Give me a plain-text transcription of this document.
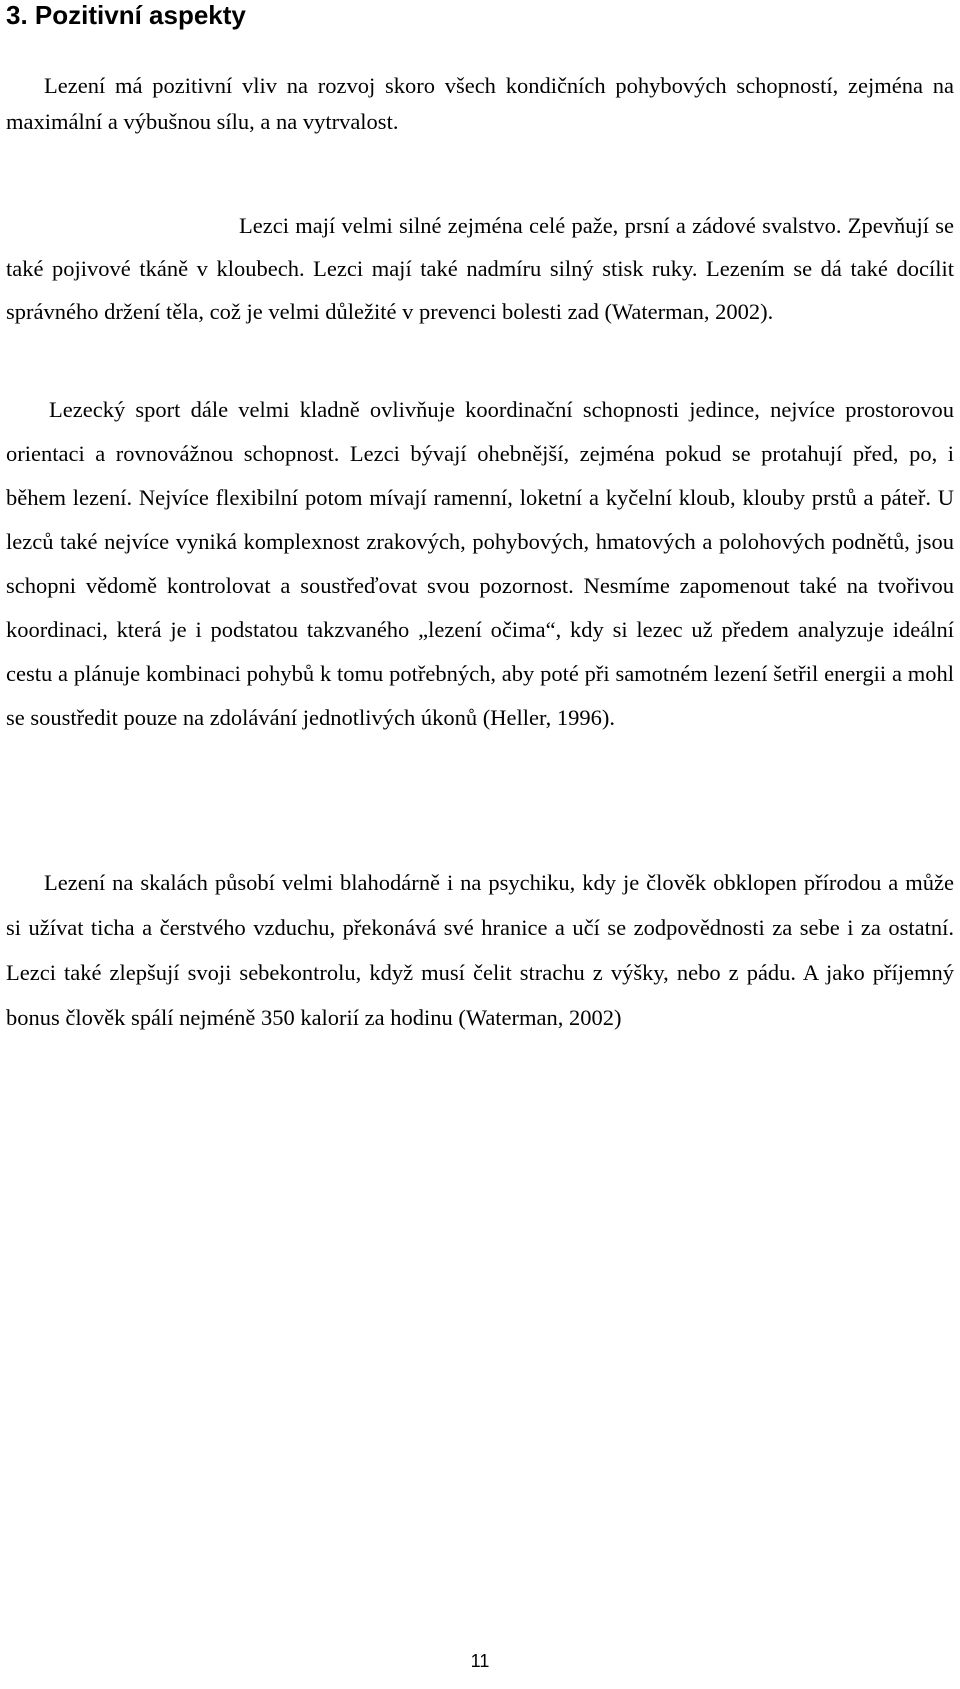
3. Pozitivní aspekty

Lezení má pozitivní vliv na rozvoj skoro všech kondičních pohybových schopností, zejména na maximální a výbušnou sílu, a na vytrvalost.

Lezci mají velmi silné zejména celé paže, prsní a zádové svalstvo. Zpevňují se také pojivové tkáně v kloubech. Lezci mají také nadmíru silný stisk ruky. Lezením se dá také docílit správného držení těla, což je velmi důležité v prevenci bolesti zad (Waterman, 2002).

Lezecký sport dále velmi kladně ovlivňuje koordinační schopnosti jedince, nejvíce prostorovou orientaci a rovnovážnou schopnost. Lezci bývají ohebnější, zejména pokud se protahují před, po, i během lezení. Nejvíce flexibilní potom mívají ramenní, loketní a kyčelní kloub, klouby prstů a páteř. U lezců také nejvíce vyniká komplexnost zrakových, pohybových, hmatových a polohových podnětů, jsou schopni vědomě kontrolovat a soustřeďovat svou pozornost. Nesmíme zapomenout také na tvořivou koordinaci, která je i podstatou takzvaného „lezení očima“, kdy si lezec už předem analyzuje ideální cestu a plánuje kombinaci pohybů k tomu potřebných, aby poté při samotném lezení šetřil energii a mohl se soustředit pouze na zdolávání jednotlivých úkonů (Heller, 1996).

Lezení na skalách působí velmi blahodárně i na psychiku, kdy je člověk obklopen přírodou a může si užívat ticha a čerstvého vzduchu, překonává své hranice a učí se zodpovědnosti za sebe i za ostatní. Lezci také zlepšují svoji sebekontrolu, když musí čelit strachu z výšky, nebo z pádu. A jako příjemný bonus člověk spálí nejméně 350 kalorií za hodinu (Waterman, 2002)

11
